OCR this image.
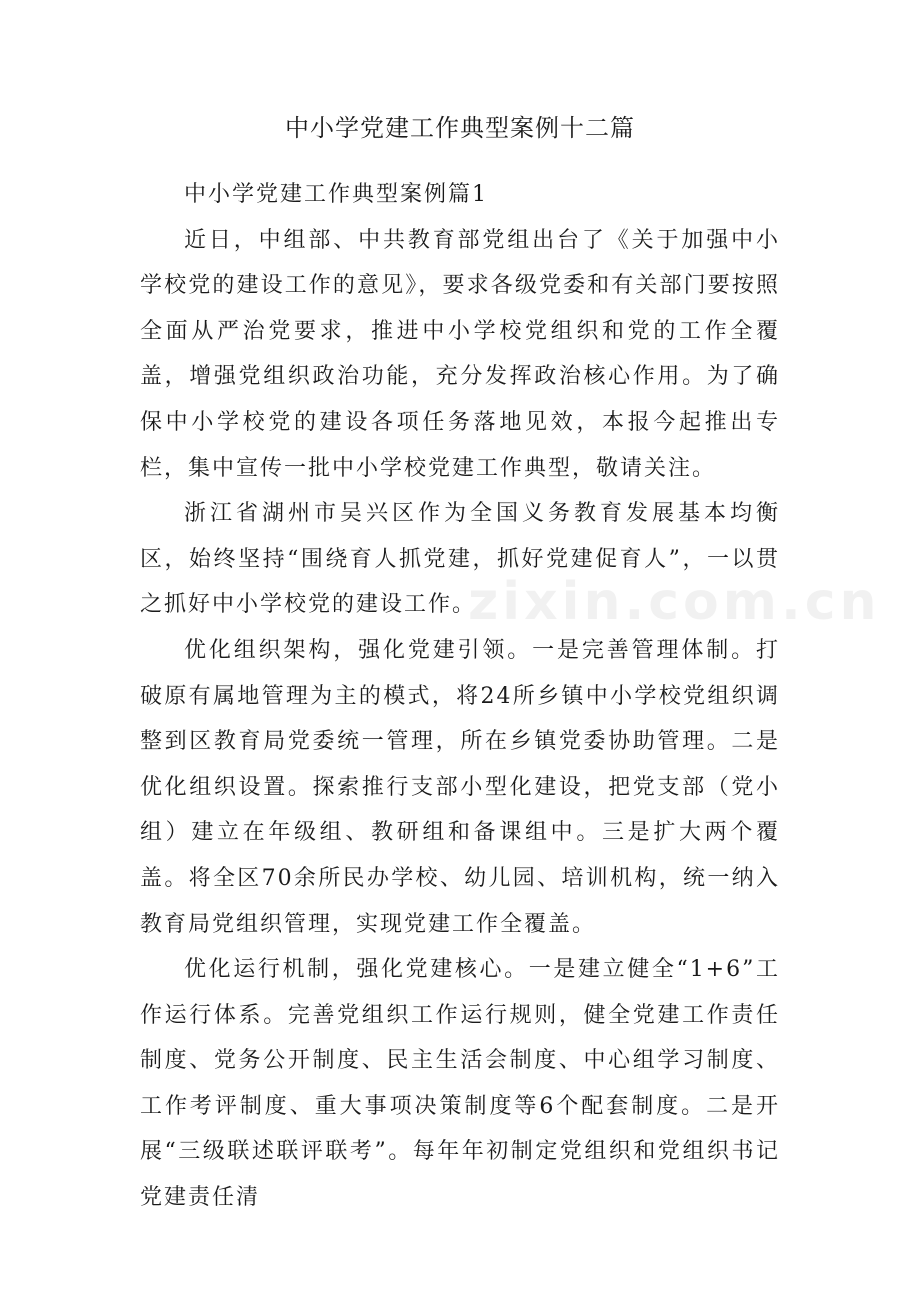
中小学党建工作典型案例十二篇
zixin.com.cn

中小学党建工作典型案例篇1

近日，中组部、中共教育部党组出台了《关于加强中小学校党的建设工作的意见》，要求各级党委和有关部门要按照全面从严治党要求，推进中小学校党组织和党的工作全覆盖，增强党组织政治功能，充分发挥政治核心作用。为了确保中小学校党的建设各项任务落地见效，本报今起推出专栏，集中宣传一批中小学校党建工作典型，敬请关注。

浙江省湖州市吴兴区作为全国义务教育发展基本均衡区，始终坚持“围绕育人抓党建，抓好党建促育人”，一以贯之抓好中小学校党的建设工作。

优化组织架构，强化党建引领。一是完善管理体制。打破原有属地管理为主的模式，将24所乡镇中小学校党组织调整到区教育局党委统一管理，所在乡镇党委协助管理。二是优化组织设置。探索推行支部小型化建设，把党支部（党小组）建立在年级组、教研组和备课组中。三是扩大两个覆盖。将全区70余所民办学校、幼儿园、培训机构，统一纳入教育局党组织管理，实现党建工作全覆盖。

优化运行机制，强化党建核心。一是建立健全“1+6”工作运行体系。完善党组织工作运行规则，健全党建工作责任制度、党务公开制度、民主生活会制度、中心组学习制度、工作考评制度、重大事项决策制度等6个配套制度。二是开展“三级联述联评联考”。每年年初制定党组织和党组织书记党建责任清
